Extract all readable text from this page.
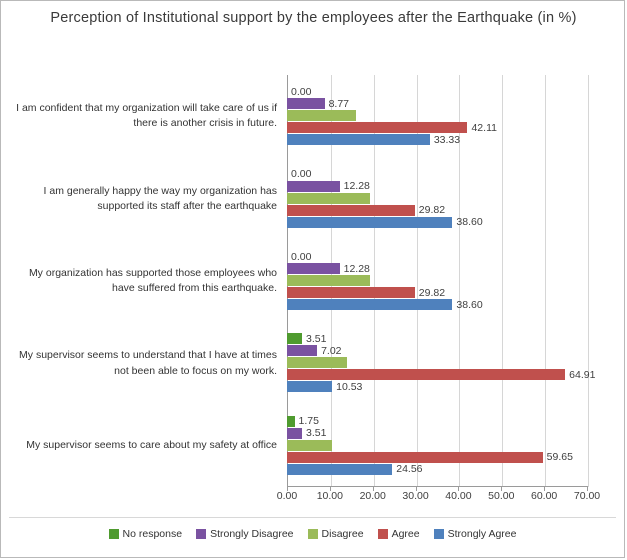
Perception of Institutional support by the employees after the Earthquake (in %)
No response	Strongly Disagree	Disagree	Agree	Strongly Agree
0.00 10.00 20.00 30.00 40.00 50.00 60.00 70.00
I am confident that my organization will take care of us if there is another crisis in future.
0.00
8.77
42.11
33.33
I am generally happy the way my organization has supported its staff after the earthquake
0.00
12.28
29.82
38.60
My organization has supported those employees who have suffered from this earthquake.
0.00
12.28
29.82
38.60
My supervisor seems to understand that I have at times not been able to focus on my work.
3.51
7.02
64.91
10.53
My supervisor seems to care about my safety at office
1.75
3.51
59.65
24.56
